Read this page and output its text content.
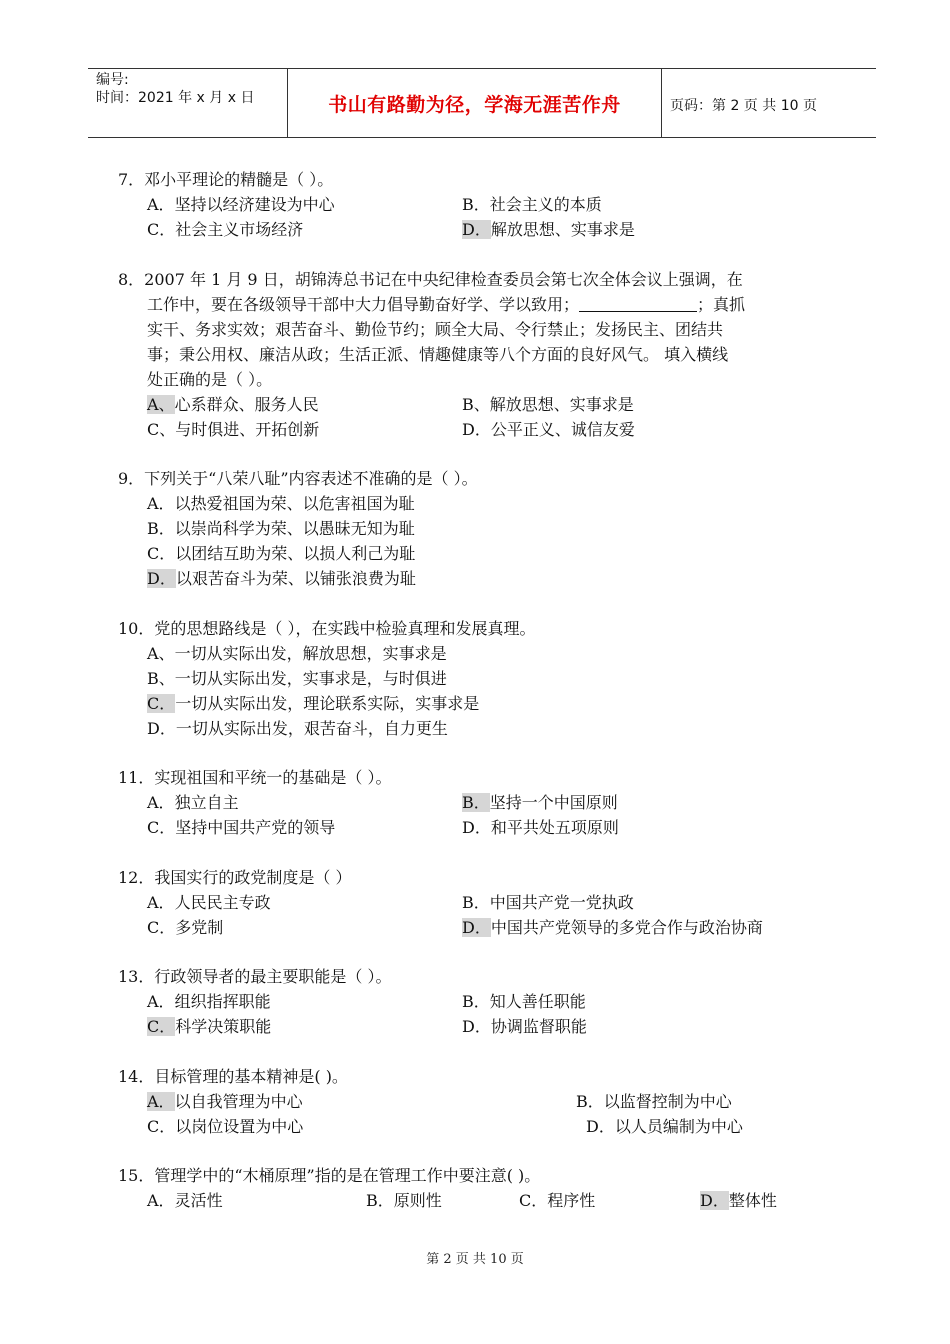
编号:
时间：2021 年 x 月 x 日	书山有路勤为径，学海无涯苦作舟	页码：第 2 页 共 10 页
7．邓小平理论的精髓是（ ）。
A．坚持以经济建设为中心	B．社会主义的本质
C．社会主义市场经济	D．解放思想、实事求是
8．2007 年 1 月 9 日，胡锦涛总书记在中央纪律检查委员会第七次全体会议上强调，在
工作中，要在各级领导干部中大力倡导勤奋好学、学以致用；	；真抓
实干、务求实效；艰苦奋斗、勤俭节约；顾全大局、令行禁止；发扬民主、团结共
事；秉公用权、廉洁从政；生活正派、情趣健康等八个方面的良好风气。 填入横线
处正确的是（ ）。
A、心系群众、服务人民	B、解放思想、实事求是
C、与时俱进、开拓创新	D．公平正义、诚信友爱
9．下列关于“八荣八耻”内容表述不准确的是（ ）。
A．以热爱祖国为荣、以危害祖国为耻
B．以崇尚科学为荣、以愚昧无知为耻
C．以团结互助为荣、以损人利己为耻
D．以艰苦奋斗为荣、以铺张浪费为耻
10．党的思想路线是（ ），在实践中检验真理和发展真理。
A、一切从实际出发，解放思想，实事求是
B、一切从实际出发，实事求是，与时俱进
C．一切从实际出发，理论联系实际，实事求是
D．一切从实际出发，艰苦奋斗，自力更生
11．实现祖国和平统一的基础是（ ）。
A．独立自主	B．坚持一个中国原则
C．坚持中国共产党的领导	D．和平共处五项原则
12．我国实行的政党制度是（ ）
A．人民民主专政	B．中国共产党一党执政
C．多党制	D．中国共产党领导的多党合作与政治协商
13．行政领导者的最主要职能是（ ）。
A．组织指挥职能	B．知人善任职能
C．科学决策职能	D．协调监督职能
14．目标管理的基本精神是( )。
A．以自我管理为中心	B．以监督控制为中心
C．以岗位设置为中心	D．以人员编制为中心
15．管理学中的“木桶原理”指的是在管理工作中要注意( )。
A．灵活性	B．原则性	C．程序性	D．整体性
第 2 页 共 10 页
